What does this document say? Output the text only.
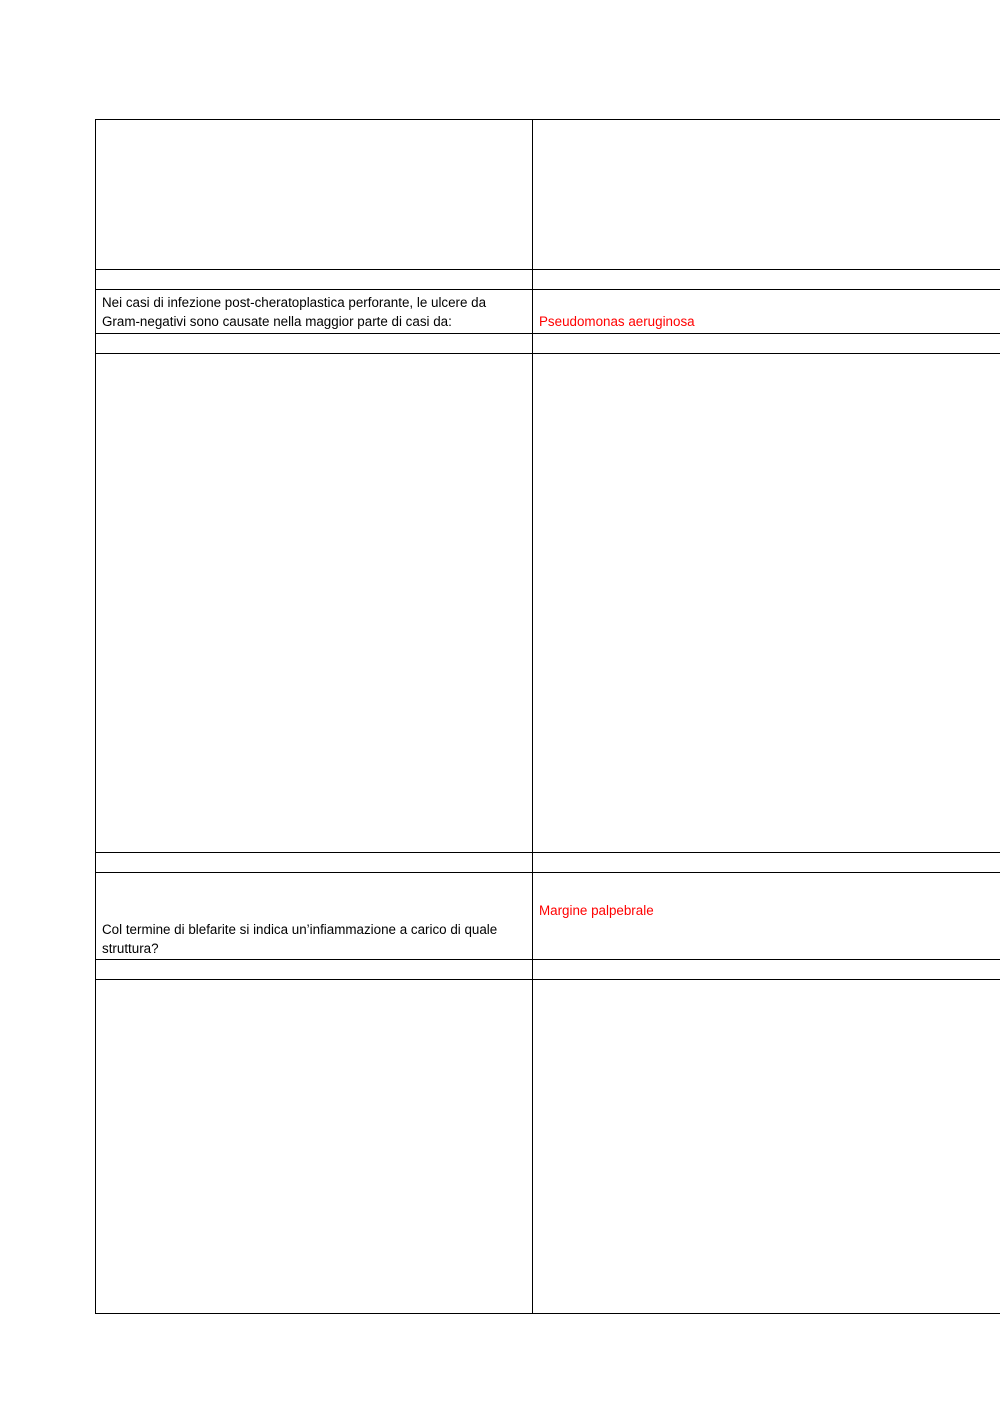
Nei casi di infezione post-cheratoplastica perforante, le ulcere da Gram-negativi sono causate nella maggior parte di casi da:	Pseudomonas aeruginosa

Col termine di blefarite si indica un’infiammazione a carico di quale struttura?	Margine palpebrale
